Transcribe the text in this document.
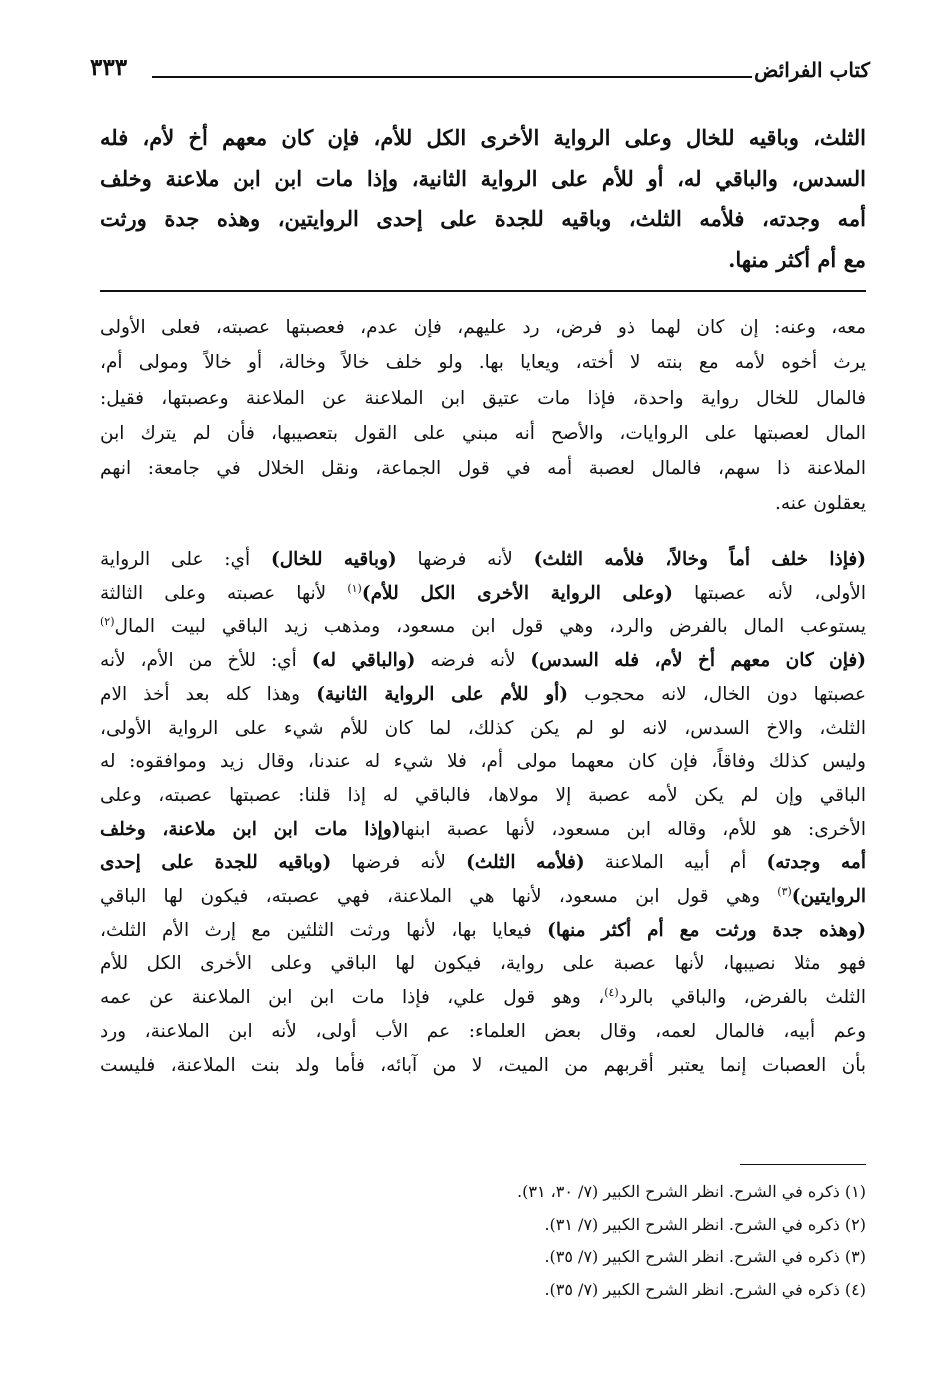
كتاب الفرائض
٣٣٣
الثلث، وباقيه للخال وعلى الرواية الأخرى الكل للأم، فإن كان معهم أخ لأم، فله
السدس، والباقي له، أو للأم على الرواية الثانية، وإذا مات ابن ابن ملاعنة وخلف
أمه وجدته، فلأمه الثلث، وباقيه للجدة على إحدى الروايتين، وهذه جدة ورثت
مع أم أكثر منها.
معه، وعنه: إن كان لهما ذو فرض، رد عليهم، فإن عدم، فعصبتها عصبته، فعلى الأولى
يرث أخوه لأمه مع بنته لا أخته، ويعايا بها. ولو خلف خالاً وخالة، أو خالاً ومولى أم،
فالمال للخال رواية واحدة، فإذا مات عتيق ابن الملاعنة عن الملاعنة وعصبتها، فقيل:
المال لعصبتها على الروايات، والأصح أنه مبني على القول بتعصيبها، فأن لم يترك ابن
الملاعنة ذا سهم، فالمال لعصبة أمه في قول الجماعة، ونقل الخلال في جامعة: انهم
يعقلون عنه.
(فإذا خلف أماً وخالاً، فلأمه الثلث) لأنه فرضها (وباقيه للخال) أي: على الرواية
الأولى، لأنه عصبتها (وعلى الرواية الأخرى الكل للأم)$^{(١)}$ لأنها عصبته وعلى الثالثة
يستوعب المال بالفرض والرد، وهي قول ابن مسعود، ومذهب زيد الباقي لبيت المال$^{(٢)}$
(فإن كان معهم أخ لأم، فله السدس) لأنه فرضه (والباقي له) أي: للأخ من الأم، لأنه
عصبتها دون الخال، لانه محجوب (أو للأم على الرواية الثانية) وهذا كله بعد أخذ الام
الثلث، والاخ السدس، لانه لو لم يكن كذلك، لما كان للأم شيء على الرواية الأولى،
وليس كذلك وفاقاً، فإن كان معهما مولى أم، فلا شيء له عندنا، وقال زيد وموافقوه: له
الباقي وإن لم يكن لأمه عصبة إلا مولاها، فالباقي له إذا قلنا: عصبتها عصبته، وعلى
الأخرى: هو للأم، وقاله ابن مسعود، لأنها عصبة ابنها(وإذا مات ابن ابن ملاعنة، وخلف
أمه وجدته) أم أبيه الملاعنة (فلأمه الثلث) لأنه فرضها (وباقيه للجدة على إحدى
الروايتين)$^{(٣)}$ وهي قول ابن مسعود، لأنها هي الملاعنة، فهي عصبته، فيكون لها الباقي
(وهذه جدة ورثت مع أم أكثر منها) فيعايا بها، لأنها ورثت الثلثين مع إرث الأم الثلث،
فهو مثلا نصيبها، لأنها عصبة على رواية، فيكون لها الباقي وعلى الأخرى الكل للأم
الثلث بالفرض، والباقي بالرد$^{(٤)}$، وهو قول علي، فإذا مات ابن ابن الملاعنة عن عمه
وعم أبيه، فالمال لعمه، وقال بعض العلماء: عم الأب أولى، لأنه ابن الملاعنة، ورد
بأن العصبات إنما يعتبر أقربهم من الميت، لا من آبائه، فأما ولد بنت الملاعنة، فليست
(١) ذكره في الشرح. انظر الشرح الكبير (٧/ ٣٠، ٣١).
(٢) ذكره في الشرح. انظر الشرح الكبير (٧/ ٣١).
(٣) ذكره في الشرح. انظر الشرح الكبير (٧/ ٣٥).
(٤) ذكره في الشرح. انظر الشرح الكبير (٧/ ٣٥).
